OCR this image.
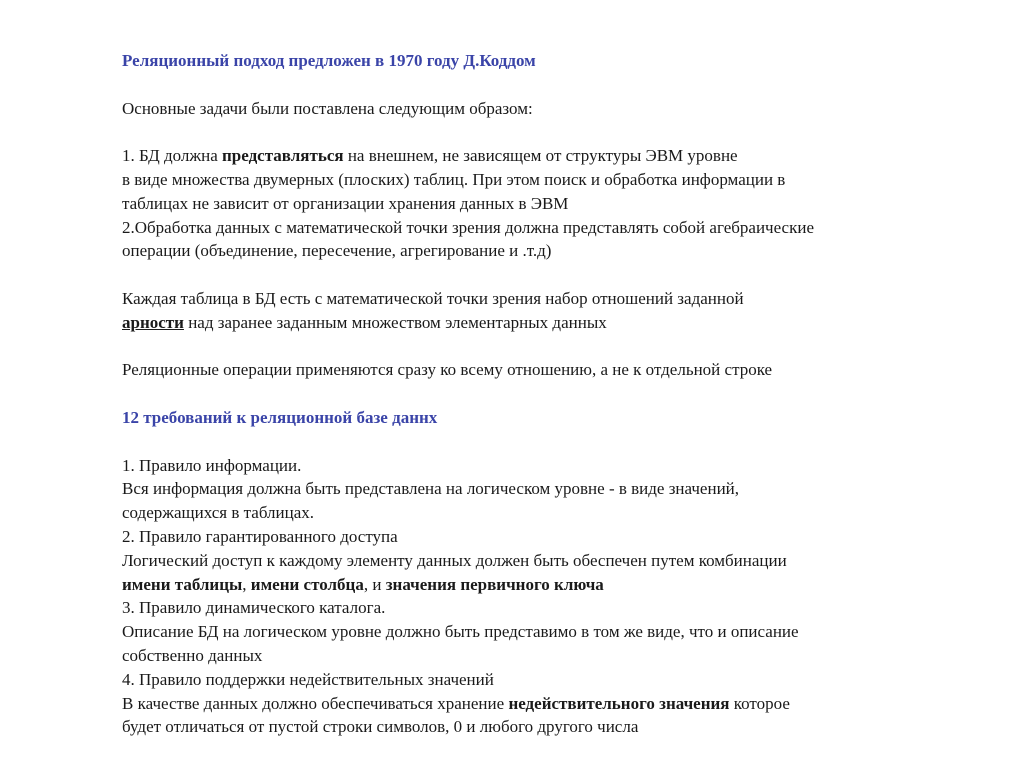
Реляционный подход предложен в 1970 году Д.Коддом
Основные задачи были поставлена следующим образом:
1. БД должна представляться на внешнем, не зависящем от структуры ЭВМ уровне
в виде множества двумерных (плоских) таблиц. При этом поиск и обработка информации в
таблицах не зависит от организации хранения данных в ЭВМ
2.Обработка данных с математической точки зрения должна представлять собой агебраические
операции (объединение, пересечение, агрегирование и .т.д)
Каждая таблица в БД есть с математической точки зрения набор отношений заданной
арности над заранее заданным множеством элементарных данных
Реляционные операции применяются сразу ко всему отношению, а не к отдельной строке
12 требований к реляционной базе даннх
1. Правило информации.
Вся информация должна быть представлена на логическом уровне - в виде значений,
содержащихся в таблицах.
2. Правило гарантированного доступа
Логический доступ к каждому элементу данных должен быть обеспечен путем комбинации
имени таблицы, имени столбца, и значения первичного ключа
3. Правило динамического каталога.
Описание БД на логическом уровне должно быть представимо в том же виде, что и описание
собственно данных
4. Правило поддержки недействительных значений
В качестве данных должно обеспечиваться хранение недействительного значения которое
будет отличаться от пустой строки символов, 0 и любого другого числа
